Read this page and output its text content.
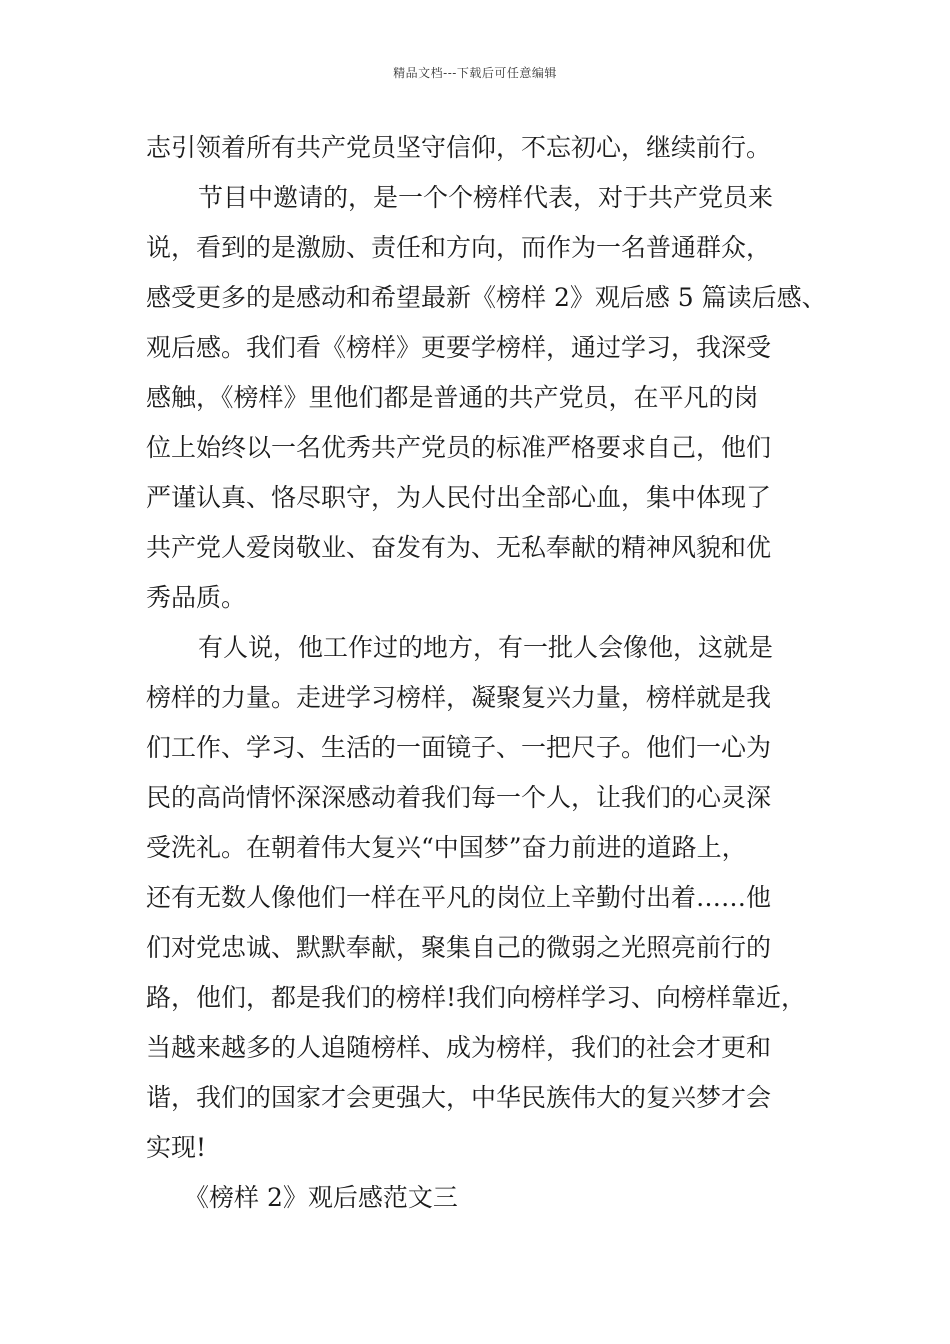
精品文档---下载后可任意编辑
志引领着所有共产党员坚守信仰，不忘初心，继续前行。
节目中邀请的，是一个个榜样代表，对于共产党员来
说，看到的是激励、责任和方向，而作为一名普通群众，
感受更多的是感动和希望最新《榜样 2》观后感 5 篇读后感、
观后感。我们看《榜样》更要学榜样，通过学习，我深受
感触，《榜样》里他们都是普通的共产党员，在平凡的岗
位上始终以一名优秀共产党员的标准严格要求自己，他们
严谨认真、恪尽职守，为人民付出全部心血，集中体现了
共产党人爱岗敬业、奋发有为、无私奉献的精神风貌和优
秀品质。
有人说，他工作过的地方，有一批人会像他，这就是
榜样的力量。走进学习榜样，凝聚复兴力量，榜样就是我
们工作、学习、生活的一面镜子、一把尺子。他们一心为
民的高尚情怀深深感动着我们每一个人，让我们的心灵深
受洗礼。在朝着伟大复兴“中国梦”奋力前进的道路上，
还有无数人像他们一样在平凡的岗位上辛勤付出着……他
们对党忠诚、默默奉献，聚集自己的微弱之光照亮前行的
路，他们，都是我们的榜样!我们向榜样学习、向榜样靠近，
当越来越多的人追随榜样、成为榜样，我们的社会才更和
谐，我们的国家才会更强大，中华民族伟大的复兴梦才会
实现!
《榜样 2》观后感范文三
